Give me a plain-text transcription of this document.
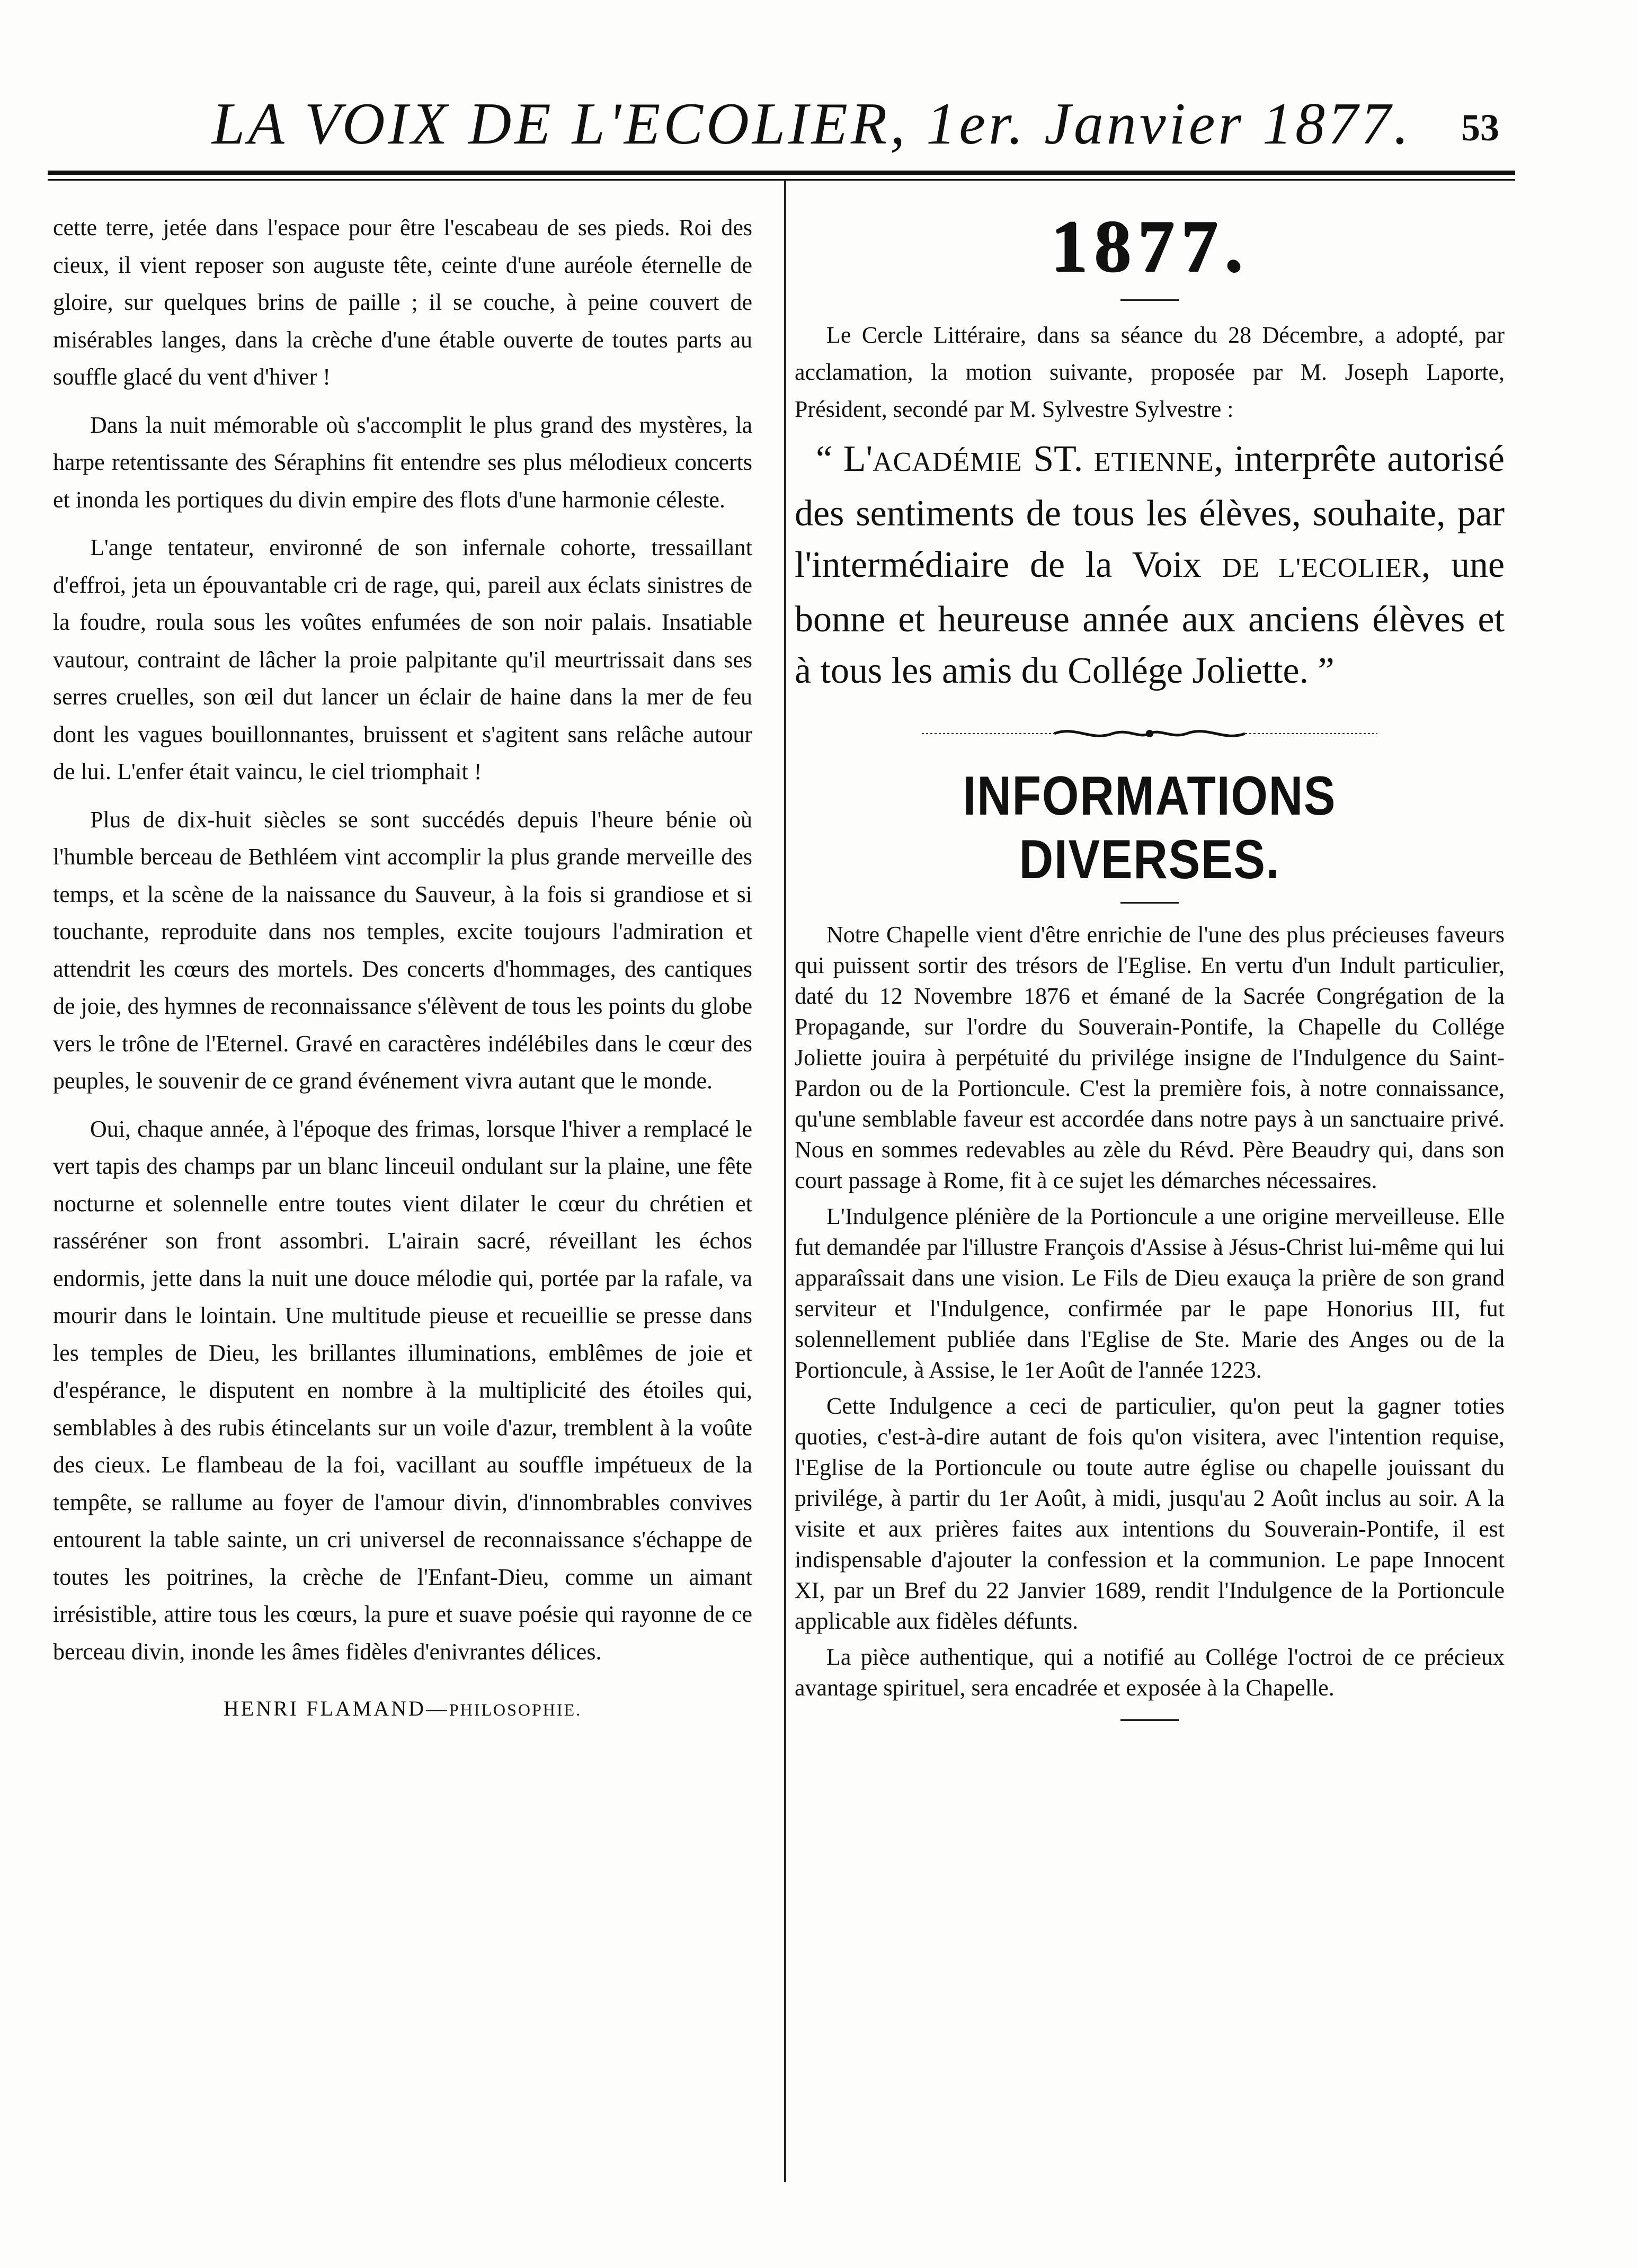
LA VOIX DE L'ECOLIER, 1er. Janvier 1877. 53

cette terre, jetée dans l'espace pour être l'escabeau de ses pieds. Roi des cieux, il vient reposer son auguste tête, ceinte d'une auréole éternelle de gloire, sur quelques brins de paille ; il se couche, à peine couvert de misérables langes, dans la crèche d'une étable ouverte de toutes parts au souffle glacé du vent d'hiver !

Dans la nuit mémorable où s'accomplit le plus grand des mystères, la harpe retentissante des Séraphins fit entendre ses plus mélodieux concerts et inonda les portiques du divin empire des flots d'une harmonie céleste.

L'ange tentateur, environné de son infernale cohorte, tressaillant d'effroi, jeta un épouvantable cri de rage, qui, pareil aux éclats sinistres de la foudre, roula sous les voûtes enfumées de son noir palais. Insatiable vautour, contraint de lâcher la proie palpitante qu'il meurtrissait dans ses serres cruelles, son œil dut lancer un éclair de haine dans la mer de feu dont les vagues bouillonnantes, bruissent et s'agitent sans relâche autour de lui. L'enfer était vaincu, le ciel triomphait !

Plus de dix-huit siècles se sont succédés depuis l'heure bénie où l'humble berceau de Bethléem vint accomplir la plus grande merveille des temps, et la scène de la naissance du Sauveur, à la fois si grandiose et si touchante, reproduite dans nos temples, excite toujours l'admiration et attendrit les cœurs des mortels. Des concerts d'hommages, des cantiques de joie, des hymnes de reconnaissance s'élèvent de tous les points du globe vers le trône de l'Eternel. Gravé en caractères indélébiles dans le cœur des peuples, le souvenir de ce grand événement vivra autant que le monde.

Oui, chaque année, à l'époque des frimas, lorsque l'hiver a remplacé le vert tapis des champs par un blanc linceuil ondulant sur la plaine, une fête nocturne et solennelle entre toutes vient dilater le cœur du chrétien et rasséréner son front assombri. L'airain sacré, réveillant les échos endormis, jette dans la nuit une douce mélodie qui, portée par la rafale, va mourir dans le lointain. Une multitude pieuse et recueillie se presse dans les temples de Dieu, les brillantes illuminations, emblêmes de joie et d'espérance, le disputent en nombre à la multiplicité des étoiles qui, semblables à des rubis étincelants sur un voile d'azur, tremblent à la voûte des cieux. Le flambeau de la foi, vacillant au souffle impétueux de la tempête, se rallume au foyer de l'amour divin, d'innombrables convives entourent la table sainte, un cri universel de reconnaissance s'échappe de toutes les poitrines, la crèche de l'Enfant-Dieu, comme un aimant irrésistible, attire tous les cœurs, la pure et suave poésie qui rayonne de ce berceau divin, inonde les âmes fidèles d'enivrantes délices.

HENRI FLAMAND—PHILOSOPHIE.
1877.

Le Cercle Littéraire, dans sa séance du 28 Décembre, a adopté, par acclamation, la motion suivante, proposée par M. Joseph Laporte, Président, secondé par M. Sylvestre Sylvestre :

“ L'ACADÉMIE ST. ETIENNE, interprête autorisé des sentiments de tous les élèves, souhaite, par l'intermédiaire de la Voix DE L'ECOLIER, une bonne et heureuse année aux anciens élèves et à tous les amis du Collége Joliette. ”

INFORMATIONS DIVERSES.

Notre Chapelle vient d'être enrichie de l'une des plus précieuses faveurs qui puissent sortir des trésors de l'Eglise. En vertu d'un Indult particulier, daté du 12 Novembre 1876 et émané de la Sacrée Congrégation de la Propagande, sur l'ordre du Souverain-Pontife, la Chapelle du Collége Joliette jouira à perpétuité du privilége insigne de l'Indulgence du Saint-Pardon ou de la Portioncule. C'est la première fois, à notre connaissance, qu'une semblable faveur est accordée dans notre pays à un sanctuaire privé. Nous en sommes redevables au zèle du Révd. Père Beaudry qui, dans son court passage à Rome, fit à ce sujet les démarches nécessaires.

L'Indulgence plénière de la Portioncule a une origine merveilleuse. Elle fut demandée par l'illustre François d'Assise à Jésus-Christ lui-même qui lui apparaîssait dans une vision. Le Fils de Dieu exauça la prière de son grand serviteur et l'Indulgence, confirmée par le pape Honorius III, fut solennellement publiée dans l'Eglise de Ste. Marie des Anges ou de la Portioncule, à Assise, le 1er Août de l'année 1223.

Cette Indulgence a ceci de particulier, qu'on peut la gagner toties quoties, c'est-à-dire autant de fois qu'on visitera, avec l'intention requise, l'Eglise de la Portioncule ou toute autre église ou chapelle jouissant du privilége, à partir du 1er Août, à midi, jusqu'au 2 Août inclus au soir. A la visite et aux prières faites aux intentions du Souverain-Pontife, il est indispensable d'ajouter la confession et la communion. Le pape Innocent XI, par un Bref du 22 Janvier 1689, rendit l'Indulgence de la Portioncule applicable aux fidèles défunts.

La pièce authentique, qui a notifié au Collége l'octroi de ce précieux avantage spirituel, sera encadrée et exposée à la Chapelle.
